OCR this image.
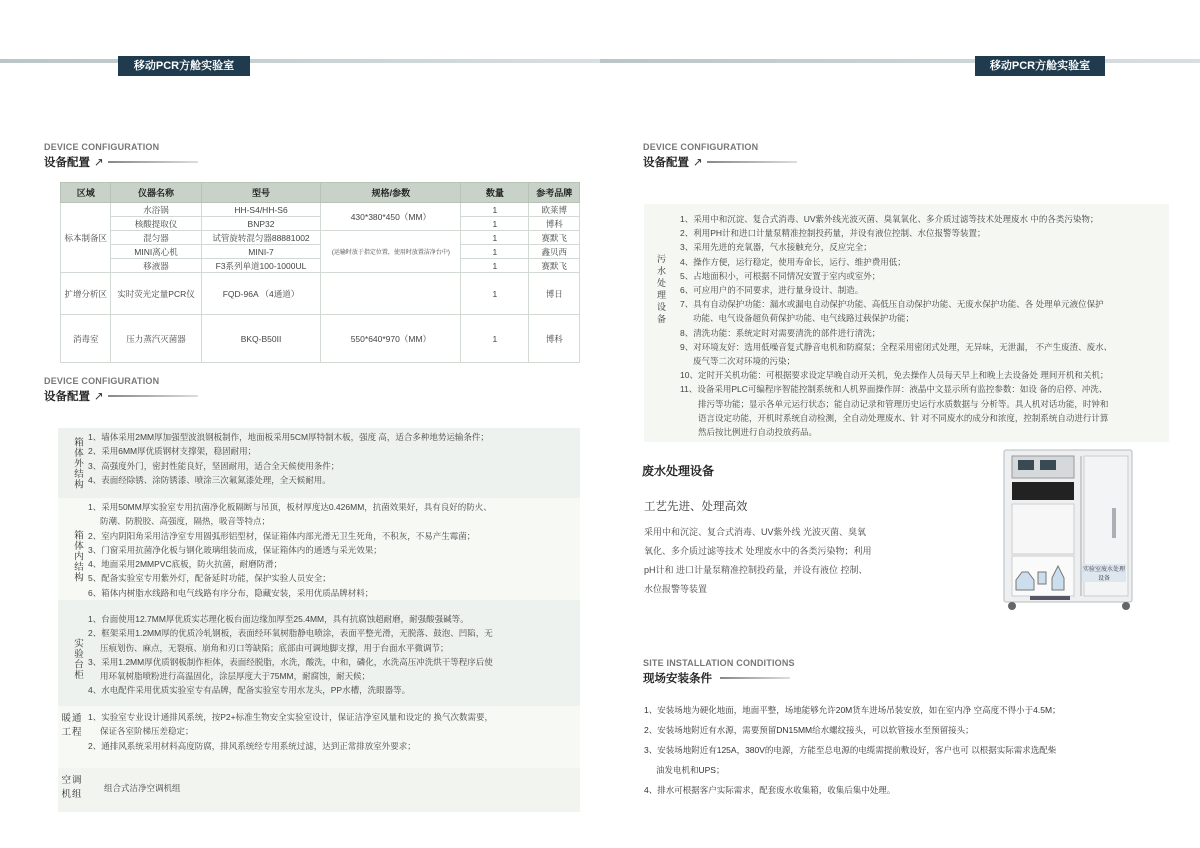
移动PCR方舱实验室	移动PCR方舱实验室
DEVICE CONFIGURATION
设备配置 ↗
区域	仪器名称	型号	规格/参数	数量	参考品牌
标本制备区	水浴锅	HH-S4/HH-S6	430*380*450（MM）	1	欧莱博
	核酸提取仪	BNP32		1	博科
	混匀器	试管旋转混匀器88881002	(运输时放于指定位置，使用时放置洁净台中)	1	赛默飞
	MINI离心机	MINI-7		1	鑫贝西
	移液器	F3系列单道100-1000UL		1	赛默飞
扩增分析区	实时荧光定量PCR仪	FQD-96A （4通道）		1	博日
消毒室	压力蒸汽灭菌器	BKQ-B50II	550*640*970（MM）	1	博科
DEVICE CONFIGURATION
设备配置 ↗
箱体外结构 1、墙体采用2MM厚加强型波浪钢板制作，地面板采用5CM厚特制木板，强度 高，适合多种地势运输条件；
2、采用6MM厚优质钢材支撑架，稳固耐用；
3、高强度外门，密封性能良好，坚固耐用，适合全天候使用条件；
4、表面经除锈、涂防锈漆、喷涂三次氟氮漆处理，全天候耐用。
箱体内结构
1、采用50MM厚实验室专用抗菌净化板隔断与吊顶，板材厚度达0.426MM，抗菌效果好，具有良好的防火、
防潮、防脱胶、高强度，隔热，吸音等特点；
2、室内阴阳角采用洁净室专用圆弧形铝型材，保证箱体内部光滑无卫生死角，不积灰，不易产生霉菌；
3、门窗采用抗菌净化板与钢化玻璃组装而成，保证箱体内的通透与采光效果；
4、地面采用2MMPVC底板，防火抗菌，耐磨防滑；
5、配备实验室专用紫外灯，配备延时功能，保护实验人员安全；
6、箱体内树脂水线路和电气线路有序分布，隐藏安装，采用优质品牌材料；
实验台柜
1、台面使用12.7MM厚优质实芯理化板台面边缘加厚至25.4MM，具有抗腐蚀超耐磨，耐强酸强碱等。
2、框架采用1.2MM厚的优质冷轧钢板，表面经环氧树脂静电喷涂，表面平整光滑，无脱落、鼓泡、凹陷，无
压痕划伤、麻点，无裂痕、崩角和刃口等缺陷；底部由可调地脚支撑，用于台面水平微调节；
3、采用1.2MM厚优质钢板制作柜体，表面经脱脂，水洗，酸洗，中和，磷化，水洗高压冲洗烘干等程序后使
用环氧树脂喷粉进行高温固化，涂层厚度大于75MM，耐腐蚀，耐天候；
4、水电配件采用优质实验室专有品牌，配备实验室专用水龙头，PP水槽，洗眼器等。
暖通工程
1、实验室专业设计通排风系统，按P2+标准生物安全实验室设计，保证洁净室风量和设定的 换气次数需要，
保证各室阶梯压差稳定；
2、通排风系统采用材料高度防腐，排风系统经专用系统过滤，达到正常排放室外要求；
空调机组
组合式洁净空调机组
DEVICE CONFIGURATION
设备配置 ↗
污水处理设备
1、采用中和沉淀、复合式消毒、UV紫外线光波灭菌、臭氧氧化、多介质过滤等技术处理废水 中的各类污染物；
2、利用PH计和进口计量泵精准控制投药量，并设有液位控制、水位报警等装置；
3、采用先进的充氧器，气水接触充分，反应完全；
4、操作方便，运行稳定，使用寿命长，运行、维护费用低；
5、占地面积小，可根据不同情况安置于室内或室外；
6、可应用户的不同要求，进行量身设计、制造。
7、具有自动保护功能：漏水或漏电自动保护功能、高低压自动保护功能、无废水保护功能、各 处理单元液位保护
功能、电气设备超负荷保护功能、电气线路过载保护功能；
8、清洗功能：系统定时对需要清洗的部件进行清洗；
9、对环境友好：选用低噪音复式静音电机和防腐泵；全程采用密闭式处理，无异味，无泄漏， 不产生废渣、废水、
废气等二次对环境的污染；
10、定时开关机功能：可根据要求设定早晚自动开关机，免去操作人员每天早上和晚上去设备处 理间开机和关机；
11、设备采用PLC可编程序智能控制系统和人机界面操作屏：液晶中文显示所有监控参数：如设 备的启停、冲洗、
排污等功能；显示各单元运行状态；能自动记录和管理历史运行水质数据与 分析等。具人机对话功能，时钟和
语言设定功能，开机时系统自动检测，全自动处理废水、针 对不同废水的成分和浓度，控制系统自动进行计算
然后按比例进行自动投放药品。
废水处理设备
工艺先进、处理高效
采用中和沉淀、复合式消毒、UV紫外线 光波灭菌、臭氧
氧化、多介质过滤等技术 处理废水中的各类污染物；利用
pH计和 进口计量泵精准控制投药量，并设有液位 控制、
水位报警等装置
实验室废水处理设备
SITE INSTALLATION CONDITIONS
现场安装条件
1、安装场地为硬化地面，地面平整，场地能够允许20M货车进场吊装安放，如在室内净 空高度不得小于4.5M；
2、安装场地附近有水源，需要预留DN15MM给水螺纹接头，可以软管接水至预留接头；
3、安装场地附近有125A，380V的电源，方能至总电源的电缆需提前敷设好，客户也可 以根据实际需求选配柴
油发电机和UPS；
4、排水可根据客户实际需求，配套废水收集箱，收集后集中处理。
